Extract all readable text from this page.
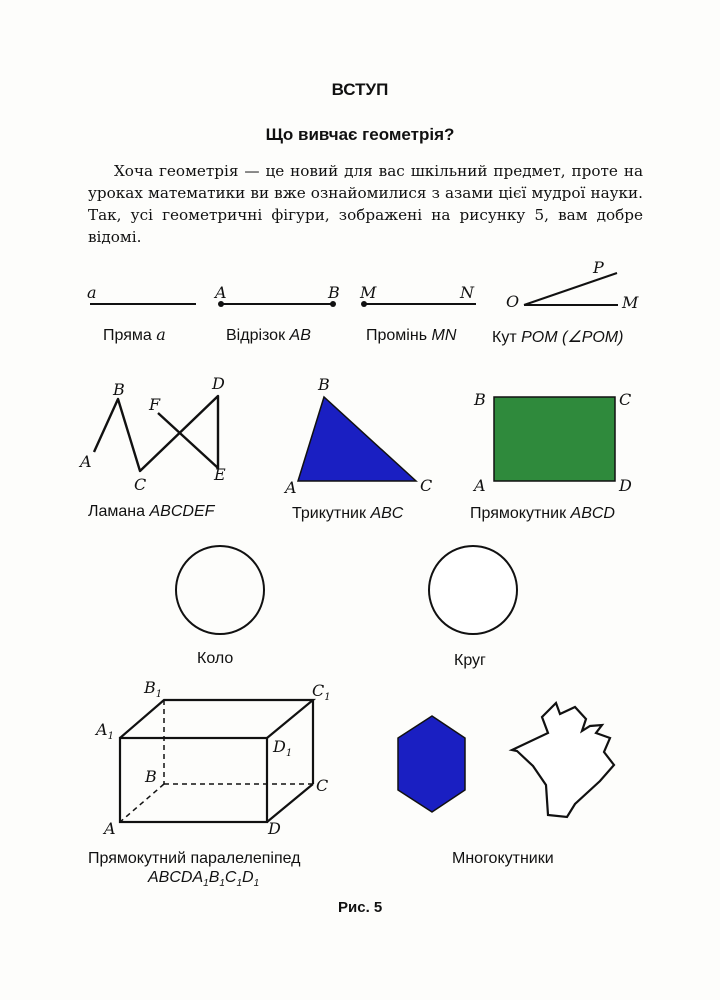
ВСТУП
Що вивчає геометрія?
Хоча геометрія — це новий для вас шкільний предмет, проте на уроках математики ви вже ознайомилися з азами цієї мудрої науки. Так, усі геометричні фігури, зображені на рисунку 5, вам добре відомі.
a
Пряма a
A	B
Відрізок AB
M	N
Промінь MN
O
P
M
Кут POM (∠POM)
A
B
C
D
E
F
Ламана ABCDEF
A
B
C
Трикутник ABC
A
B	C
D
Прямокутник ABCD
Коло	Круг
A
B	C
D
$A_1$
$B_1$	$C_1$
$D_1$
Прямокутний паралелепіпед
$ABCDA_1B_1C_1D_1$
Многокутники
Рис. 5
